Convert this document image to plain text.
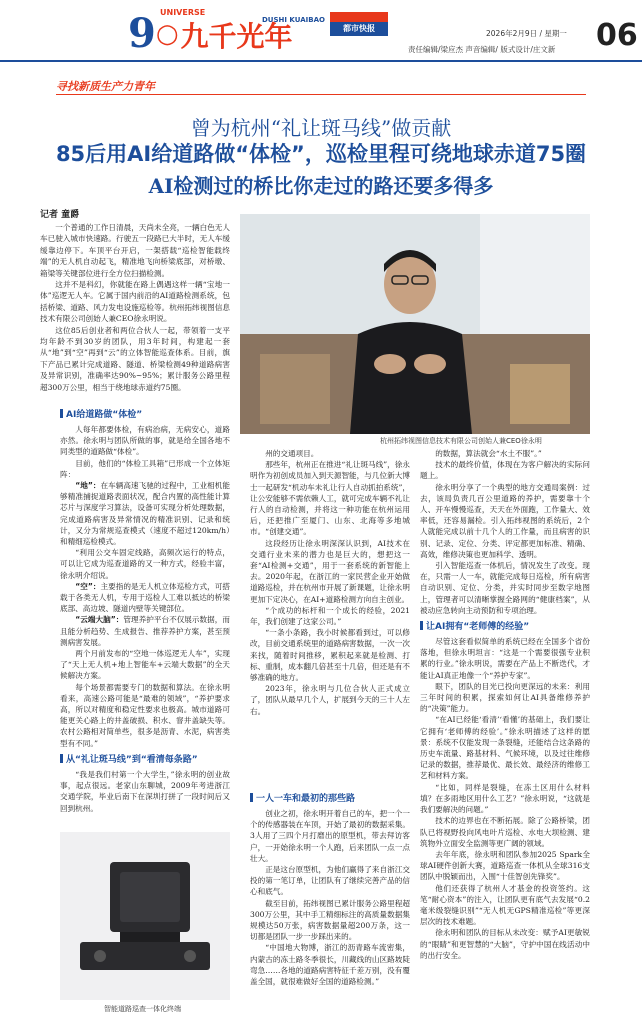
9 ○ 九千光年
UNIVERSE
DUSHI KUAIBAO
都市快报
2026年2月9日 / 星期一
责任编辑/梁应杰 声音编辑/ 版式设计/庄文新 06
寻找新质生产力青年
曾为杭州“礼让斑马线”做贡献
85后用AI给道路做“体检”，巡检里程可绕地球赤道75圈
AI检测过的桥比你走过的路还要多得多
记者 童爵

一个普通的工作日清晨，天尚未全亮，一辆白色无人车已驶入城市快速路。行驶五一段路已大半时，无人车缓缓靠边停下。车顶平台开启，一架搭载“巡检智能载终端”的无人机自动起飞，精准地飞向桥梁底部，对桥墩、箱梁等关键部位进行全方位扫描检测。

这并不是科幻，你就能在路上偶遇这样一辆“宝地一体”巡逻无人车。它属于国内前沿的AI道路检测系统，包括桥梁、道路、风力发电设施巡检等。杭州拓纬视图信息技术有限公司创始人兼CEO徐永明说。

这位85后创业者和两位合伙人一起，带领着一支平均年龄不到30岁的团队，用3年时间，构建起一套从“地”到“空”再到“云”的立体智能巡查体系。目前，旗下产品已累计完成道路、隧道、桥梁检测49种道路病害及异常识别，准确率达90%~95%；累计服务公路里程超300万公里，相当于绕地球赤道约75圈。

杭州拓纬视图信息技术有限公司创始人兼CEO徐永明

AI给道路做“体检”

人每年都要体检，有病治病，无病安心，道路亦然。徐永明与团队所做的事，就是给全国各地不同类型的道路做“体检”。

目前，他们的“体检工具箱”已形成一个立体矩阵：

“地”：在车辆高速飞驰的过程中，工业相机能够精准捕捉道路表面状况，配合内置的高性能计算芯片与深度学习算法，设备可实现分析处理数据，完成道路病害及异常情况的精准识别、记录和统计，又分为常规巡查模式（速度不超过120km/h）和精细巡检模式。

“利用公交车固定线路，高频次运行的特点，可以让它成为巡查道路的又一种方式，经验丰富，徐永明介绍说。

“空”：主要指的是无人机立体巡检方式，可搭载于各类无人机，专用于巡检人工难以抵达的桥梁底部、高边坡、隧道内壁等关键部位。

“云端大脑”：管理养护平台不仅展示数据，而且能分析趋势、生成报告、推荐养护方案，甚至预测病害发展。

两个月前发布的“空地一体巡逻无人车”，实现了“天上无人机+地上智能车+云端大数据”的全天候解决方案。

每个场景都需要专门的数据和算法。在徐永明看来，高速公路可能是“最难的领域”，“养护要求高，所以对精度和稳定性要求也极高。城市道路可能更关心路上的井盖破损、积水、窨井盖缺失等。农村公路相对简单些，很多是沥青、水泥，病害类型有不同。”

从“礼让斑马线”到“看清每条路”

“我是我们村第一个大学生，”徐永明的创业故事，起点很远。老家山东聊城，2009年考进浙江交通学院，毕业后南下在深圳打拼了一段时间后又回到杭州。

州的交通项目。

那些年，杭州正在推进“礼让斑马线”，徐永明作为初创成员加入到天源智能，与几位新大博士一起研发“机动车未礼让行人自动抓拍系统”，让公安能够不需依赖人工，就可完成车辆不礼让行人的自动检测，并将这一种功能在杭州运用后，还把推广至厦门、山东、北海等多地城市。“创建交通”。

这段经历让徐永明深深认识到，AI技术在交通行业未来的潜力也是巨大的，想把这一套“AI检测+交通”，用于一套系统的新智能上去。2020年起，在浙江的一家民营企业开始做道路巡检，并在杭州市开展了新课题，让徐永明更加下定决心，在AI+道路检测方向自主创业。

“个成功的标杆和一个成长的经验，2021年，我们创建了这家公司。”

“一条小条路，我小时候都看到过，可以修改，目前交通系统里的道路病害数据，一次一次来找，随着时间推移，累积起来就是检测、打标、重制，成本翻几倍甚至十几倍，但还是有不够准确的地方。

2023年，徐永明与几位合伙人正式成立了，团队从最早几个人，扩展到今天的三十人左右。

一人一车和最初的那些路

创业之初，徐永明开着自己的车，把一个一个的传感器装在车顶，开始了最初的数据采集。3人用了三四个月打磨出的原型机，带去拜访客户，一开始徐永明一个人跑，后来团队一点一点壮大。

正是这台原型机，为他们赢得了来自浙江交投的第一笔订单，让团队有了继续完善产品的信心和底气。

截至目前，拓纬视图已累计服务公路里程超300万公里，其中手工精细标注的高质量数据集规模达50万张，病害数据量超200万条，这一切都是团队一步一步踩出来的。

“中国地大物博，浙江的沥青路车流密集，内蒙古的冻土路冬季很长，川藏线的山区路坡陡弯急……各地的道路病害特征千差万别，没有覆盖全国，就很难做好全国的道路检测。”

的数据，算法就会“水土不服”。”

技术的最终价值，体现在为客户解决的实际问题上。

徐永明分享了一个典型的地方交通局案例：过去，该局负责几百公里道路的养护，需要靠十个人、开车慢慢巡查，天天在外面跑，工作量大、效率低，还容易漏检。引入拓纬视图的系统后，2个人就能完成以前十几个人的工作量，而且病害的识别、记录、定位、分类、评定都更加标准、精确、高效，维修决策也更加科学、透明。

引入智能巡查一体机后，情况发生了改变。现在，只需一人一车，就能完成每日巡检，所有病害自动识别、定位、分类，并实时同步至数字地图上，管理者可以清晰掌握全路网的“健康档案”，从被动应急转向主动预防和专项治理。

让AI拥有“老师傅的经验”

尽管这套看似简单的系统已经在全国多个省份落地，但徐永明坦言：“这是一个需要很强专业积累的行业。”徐永明说，需要在产品上不断迭代，才能让AI真正地像一个“养护专家”。

眼下，团队的目光已投向更深远的未来：利用三年时间的积累，探索如何让AI具备维修养护的“决策”能力。

“在AI已经能‘看清’‘看懂’的基础上，我们要让它拥有‘老师傅的经验’。”徐永明描述了这样的愿景：系统不仅能发现一条裂缝，还能结合这条路的历史车流量、路基材料、气候环境，以及过往维修记录的数据，推荐最优、最长效、最经济的维修工艺和材料方案。

“比如，同样是裂缝，在冻土区用什么材料填？在多雨地区用什么工艺？”徐永明说，“这就是我们要解决的问题。”

技术的边界也在不断拓展。除了公路桥梁，团队已将视野投向风电叶片巡检、水电大坝检测、建筑物外立面安全监测等更广阔的领域。

去年年底，徐永明和团队参加2025 Spark全球AI硬件创新大赛，道路巡查一体机从全球316支团队中脱颖而出，入围“十佳智创先锋奖”。

他们还获得了杭州人才基金的投资签约。这笔“耐心资本”的注入，让团队更有底气去发展“0.2毫米级裂缝识别”“无人机无GPS精准巡检”等更深层次的技术难题。

徐永明和团队的目标从未改变：赋予AI更敏锐的“眼睛”和更智慧的“大脑”，守护中国在线活动中的出行安全。

智能道路巡查一体化终端
